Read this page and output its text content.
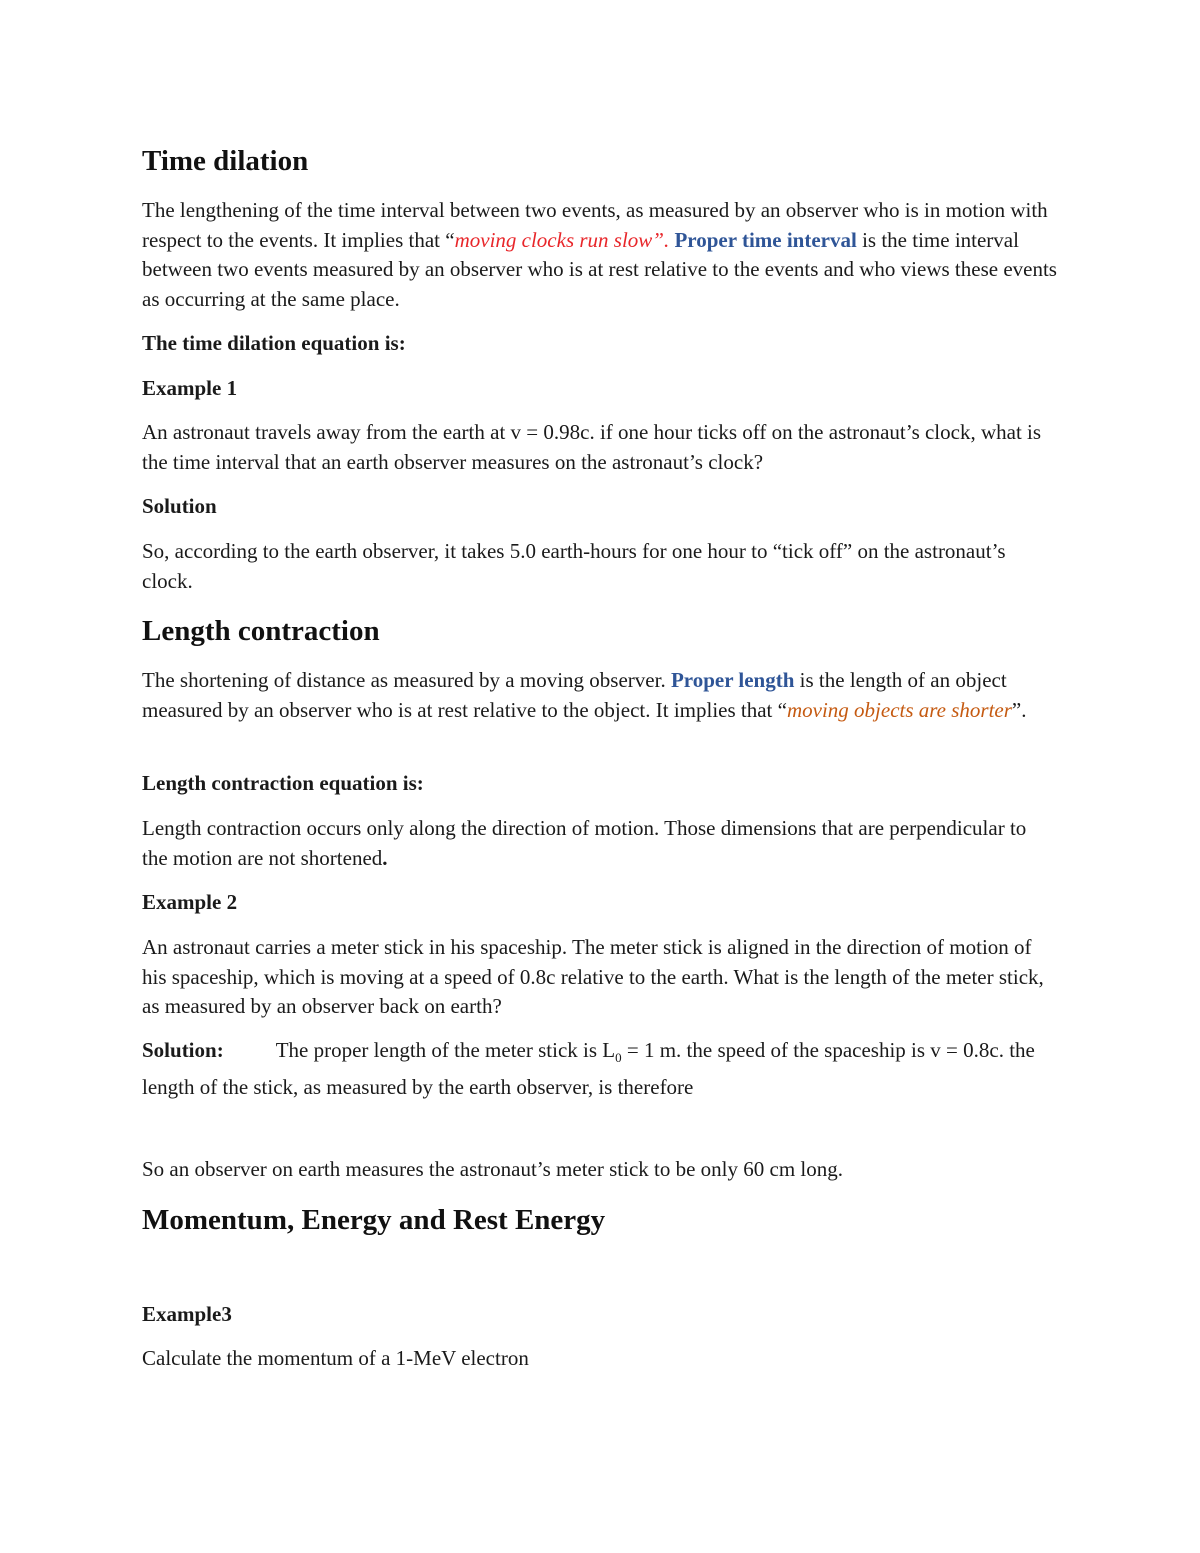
Time dilation

The lengthening of the time interval between two events, as measured by an observer who is in motion with respect to the events. It implies that “moving clocks run slow”. Proper time interval is the time interval between two events measured by an observer who is at rest relative to the events and who views these events as occurring at the same place.

The time dilation equation is:

Example 1

An astronaut travels away from the earth at v = 0.98c. if one hour ticks off on the astronaut’s clock, what is the time interval that an earth observer measures on the astronaut’s clock?

Solution

So, according to the earth observer, it takes 5.0 earth-hours for one hour to “tick off” on the astronaut’s clock.

Length contraction

The shortening of distance as measured by a moving observer. Proper length is the length of an object measured by an observer who is at rest relative to the object. It implies that “moving objects are shorter”.

Length contraction equation is:

Length contraction occurs only along the direction of motion. Those dimensions that are perpendicular to the motion are not shortened.

Example 2

An astronaut carries a meter stick in his spaceship. The meter stick is aligned in the direction of motion of his spaceship, which is moving at a speed of 0.8c relative to the earth. What is the length of the meter stick, as measured by an observer back on earth?

Solution: The proper length of the meter stick is $L_0 = 1$ m. the speed of the spaceship is v = 0.8c. the length of the stick, as measured by the earth observer, is therefore

So an observer on earth measures the astronaut’s meter stick to be only 60 cm long.

Momentum, Energy and Rest Energy

Example3

Calculate the momentum of a 1-MeV electron
